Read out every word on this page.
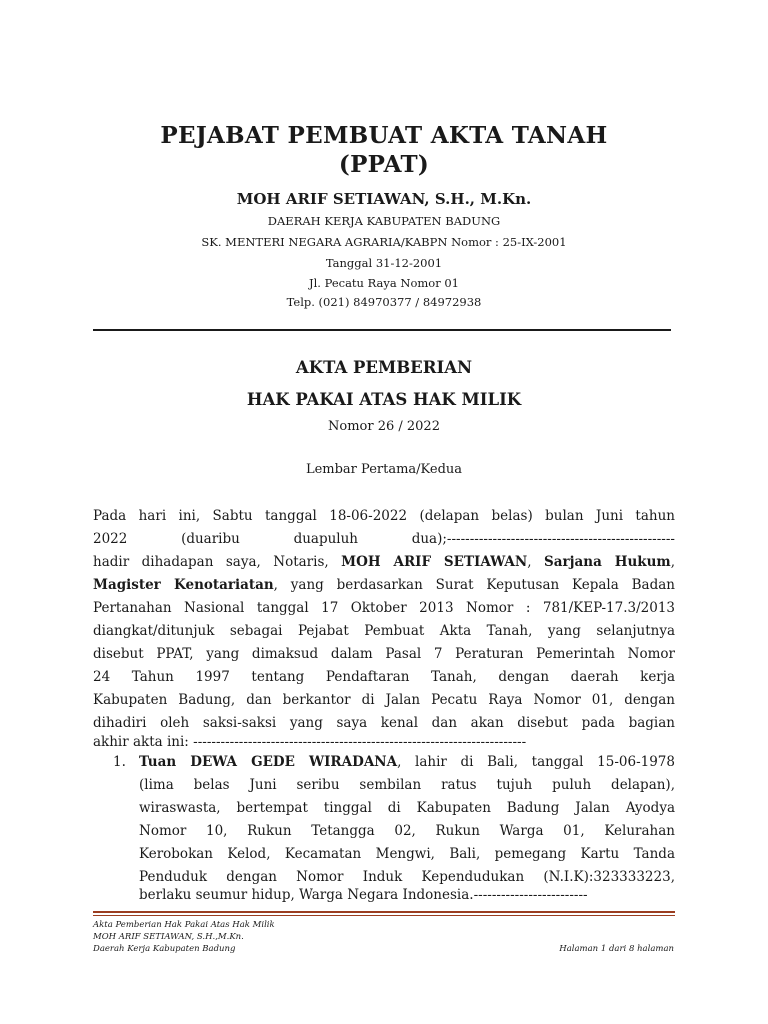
PEJABAT PEMBUAT AKTA TANAH
(PPAT)
MOH ARIF SETIAWAN, S.H., M.Kn.
DAERAH KERJA KABUPATEN BADUNG
SK. MENTERI NEGARA AGRARIA/KABPN Nomor : 25-IX-2001
Tanggal 31-12-2001
Jl. Pecatu Raya Nomor 01
Telp. (021) 84970377 / 84972938
AKTA PEMBERIAN
HAK PAKAI ATAS HAK MILIK
Nomor 26 / 2022
Lembar Pertama/Kedua
Pada hari ini, Sabtu tanggal 18-06-2022 (delapan belas) bulan Juni tahun
2022 (duaribu duapuluh dua);--------------------------------------------------
hadir dihadapan saya, Notaris, MOH ARIF SETIAWAN, Sarjana Hukum,
Magister Kenotariatan, yang berdasarkan Surat Keputusan Kepala Badan
Pertanahan Nasional tanggal 17 Oktober 2013 Nomor : 781/KEP-17.3/2013
diangkat/ditunjuk sebagai Pejabat Pembuat Akta Tanah, yang selanjutnya
disebut PPAT, yang dimaksud dalam Pasal 7 Peraturan Pemerintah Nomor
24 Tahun 1997 tentang Pendaftaran Tanah, dengan daerah kerja
Kabupaten Badung, dan berkantor di Jalan Pecatu Raya Nomor 01, dengan
dihadiri oleh saksi-saksi yang saya kenal dan akan disebut pada bagian
akhir akta ini: -------------------------------------------------------------------------
1. Tuan DEWA GEDE WIRADANA, lahir di Bali, tanggal 15-06-1978
(lima belas Juni seribu sembilan ratus tujuh puluh delapan),
wiraswasta, bertempat tinggal di Kabupaten Badung Jalan Ayodya
Nomor 10, Rukun Tetangga 02, Rukun Warga 01, Kelurahan
Kerobokan Kelod, Kecamatan Mengwi, Bali, pemegang Kartu Tanda
Penduduk dengan Nomor Induk Kependudukan (N.I.K):323333223,
berlaku seumur hidup, Warga Negara Indonesia.-------------------------
Akta Pemberian Hak Pakai Atas Hak Milik
MOH ARIF SETIAWAN, S.H.,M.Kn.
Daerah Kerja Kabupaten Badung	Halaman 1 dari 8 halaman
